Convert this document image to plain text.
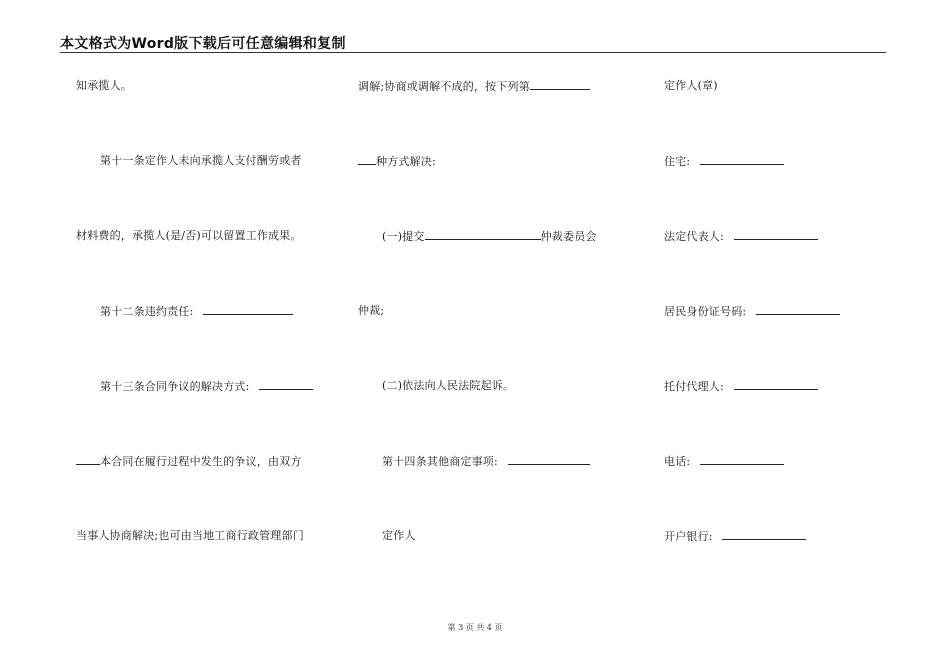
本文格式为Word版下载后可任意编辑和复制
知承揽人。
第十一条定作人未向承揽人支付酬劳或者
材料费的，承揽人(是/否)可以留置工作成果。
第十二条违约责任:
第十三条合同争议的解决方式:
本合同在履行过程中发生的争议，由双方
当事人协商解决;也可由当地工商行政管理部门
调解;协商或调解不成的，按下列第
种方式解决:
(一)提交	仲裁委员会
仲裁;
(二)依法向人民法院起诉。
第十四条其他商定事项:
定作人
定作人(章)
住宅:
法定代表人:
居民身份证号码:
托付代理人:
电话:
开户银行:
第 3 页 共 4 页
